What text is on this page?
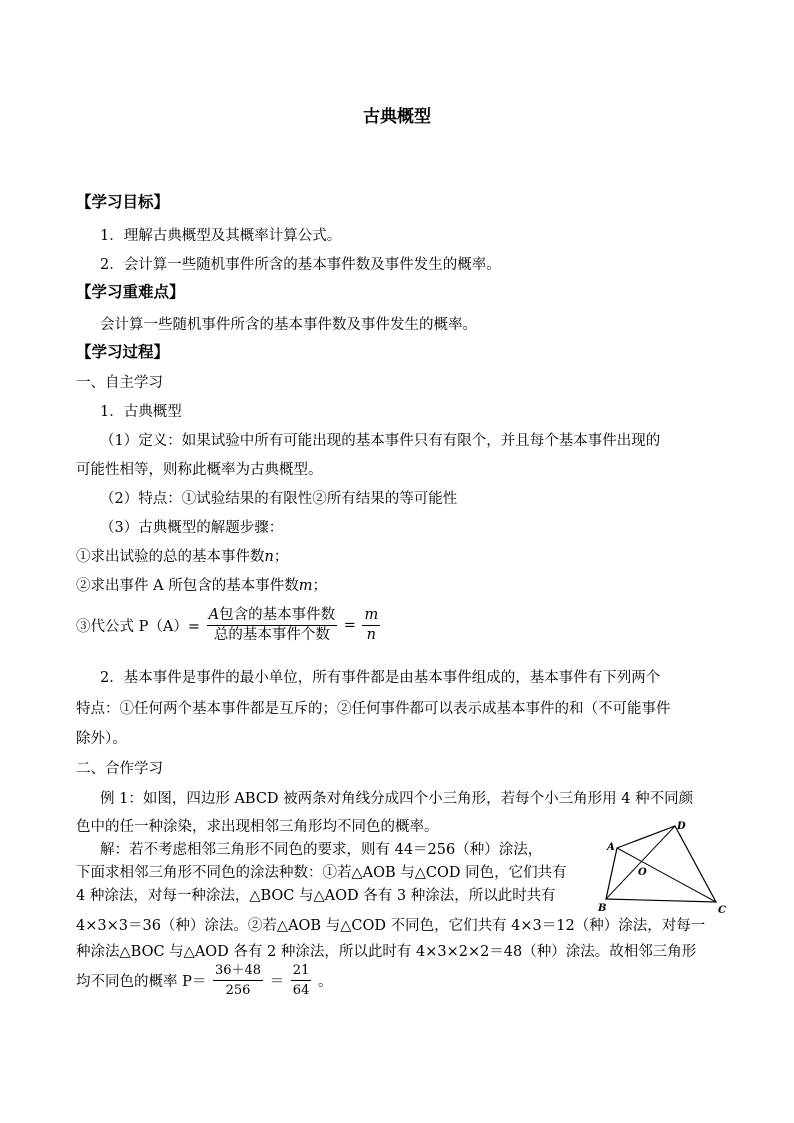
古典概型
【学习目标】
1．理解古典概型及其概率计算公式。
2．会计算一些随机事件所含的基本事件数及事件发生的概率。
【学习重难点】
会计算一些随机事件所含的基本事件数及事件发生的概率。
【学习过程】
一、自主学习
1．古典概型
（1）定义：如果试验中所有可能出现的基本事件只有有限个，并且每个基本事件出现的
可能性相等，则称此概率为古典概型。
（2）特点：①试验结果的有限性②所有结果的等可能性
（3）古典概型的解题步骤：
①求出试验的总的基本事件数n；
②求出事件 A 所包含的基本事件数m；
③代公式 $P(A)= \frac{\text{A包含的基本事件数}}{\text{总的基本事件个数}} = \frac{m}{n}$
2．基本事件是事件的最小单位，所有事件都是由基本事件组成的，基本事件有下列两个
特点：①任何两个基本事件都是互斥的；②任何事件都可以表示成基本事件的和（不可能事件
除外）。
二、合作学习
例 1：如图，四边形 ABCD 被两条对角线分成四个小三角形，若每个小三角形用 4 种不同颜
色中的任一种涂染，求出现相邻三角形均不同色的概率。
解：若不考虑相邻三角形不同色的要求，则有 44＝256（种）涂法，
下面求相邻三角形不同色的涂法种数：①若△AOB 与△COD 同色，它们共有
4 种涂法，对每一种涂法，△BOC 与△AOD 各有 3 种涂法，所以此时共有
4×3×3＝36（种）涂法。②若△AOB 与△COD 不同色，它们共有 4×3＝12（种）涂法，对每一
种涂法△BOC 与△AOD 各有 2 种涂法，所以此时有 4×3×2×2＝48（种）涂法。故相邻三角形
均不同色的概率 $P= \frac{36+48}{256} = \frac{21}{64}$ 。
A
B	C
D
O
